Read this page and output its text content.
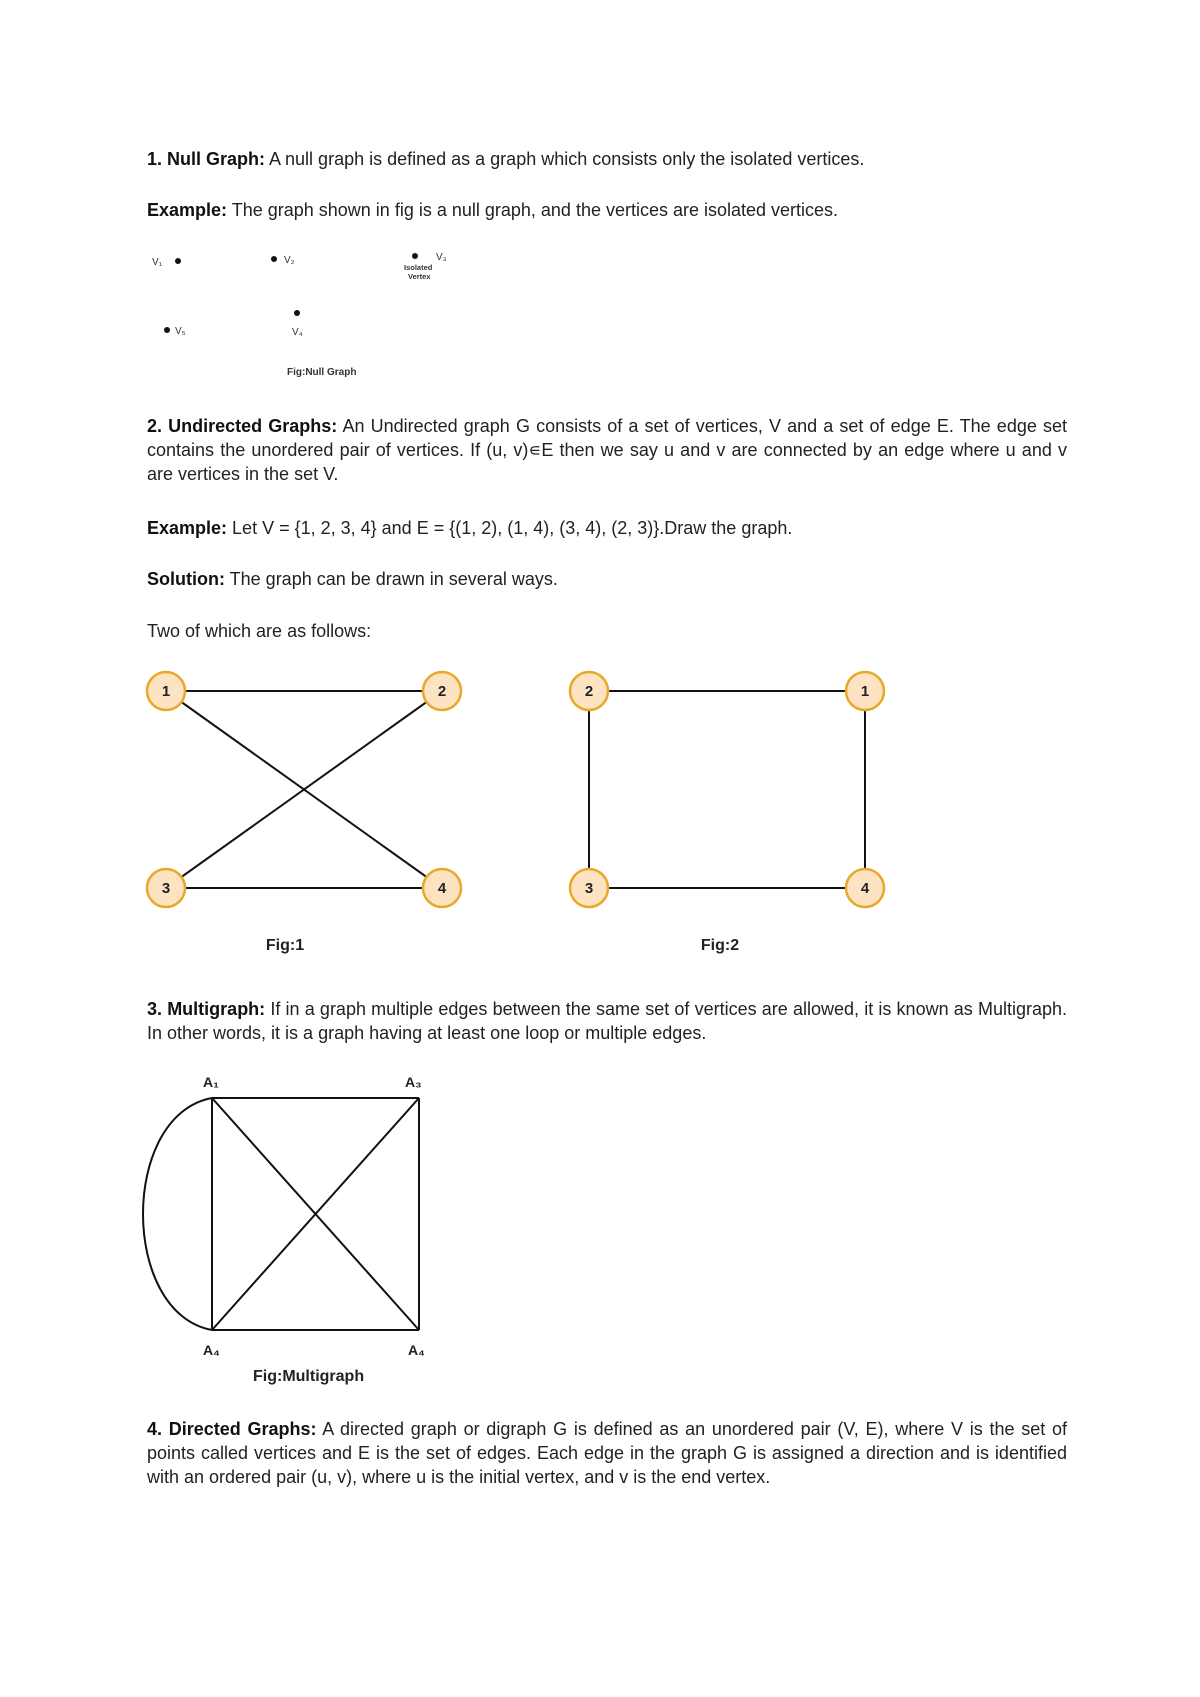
1. Null Graph: A null graph is defined as a graph which consists only the isolated vertices.

Example: The graph shown in fig is a null graph, and the vertices are isolated vertices.

V₁	V₂	V₃
V₄
V₅
Isolated
Vertex
Fig:Null Graph

2. Undirected Graphs: An Undirected graph G consists of a set of vertices, V and a set of edge E. The edge set contains the unordered pair of vertices. If (u, v)∊E then we say u and v are connected by an edge where u and v are vertices in the set V.

Example: Let V = {1, 2, 3, 4} and E = {(1, 2), (1, 4), (3, 4), (2, 3)}.Draw the graph.

Solution: The graph can be drawn in several ways.

Two of which are as follows:

1	2
3	4
2	1
3	4
Fig:1	Fig:2

3. Multigraph: If in a graph multiple edges between the same set of vertices are allowed, it is known as Multigraph. In other words, it is a graph having at least one loop or multiple edges.

A₁	A₃
A₄	A₄
Fig:Multigraph

4. Directed Graphs: A directed graph or digraph G is defined as an unordered pair (V, E), where V is the set of points called vertices and E is the set of edges. Each edge in the graph G is assigned a direction and is identified with an ordered pair (u, v), where u is the initial vertex, and v is the end vertex.
